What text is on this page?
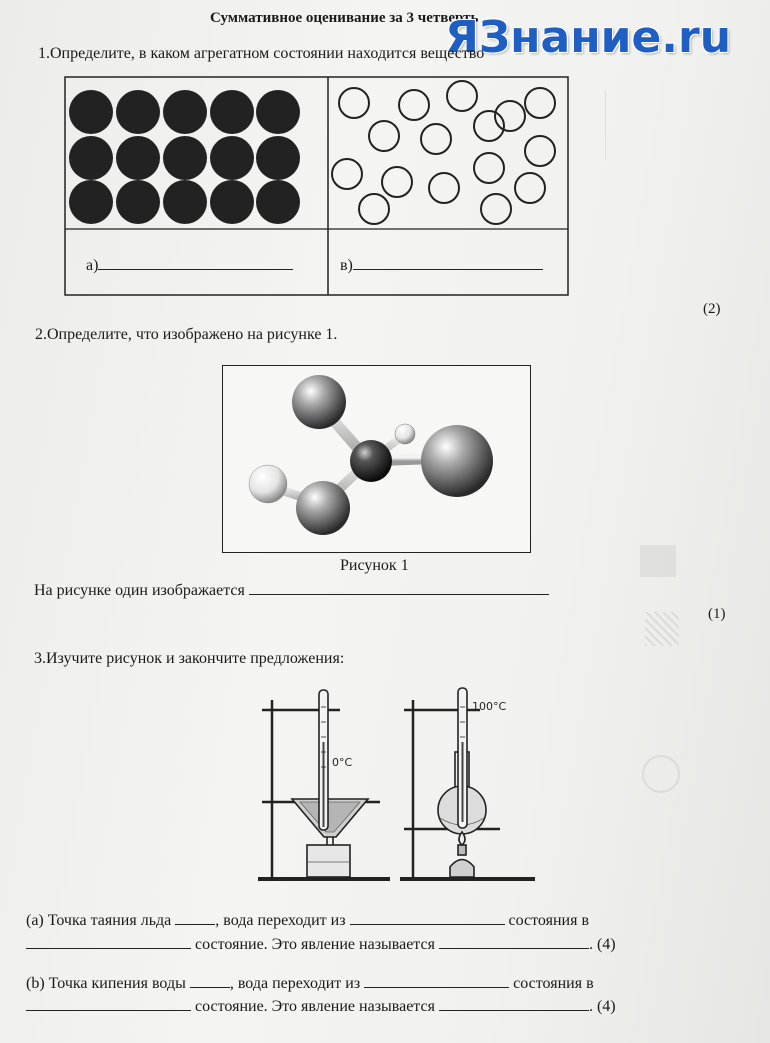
Суммативное оценивание за 3 четверть
ЯЗнание.ru
1.Определите, в каком агрегатном состоянии находится вещество
а)	в)
(2)
2.Определите, что изображено на рисунке 1.
Рисунок 1
На рисунке один изображается
(1)
3.Изучите рисунок и закончите предложения:
0°C
100°C
(a) Точка таяния льда	, вода переходит из	состояния в
состояние. Это явление называется	. (4)
(b) Точка кипения воды	, вода переходит из	состояния в
состояние. Это явление называется	. (4)
